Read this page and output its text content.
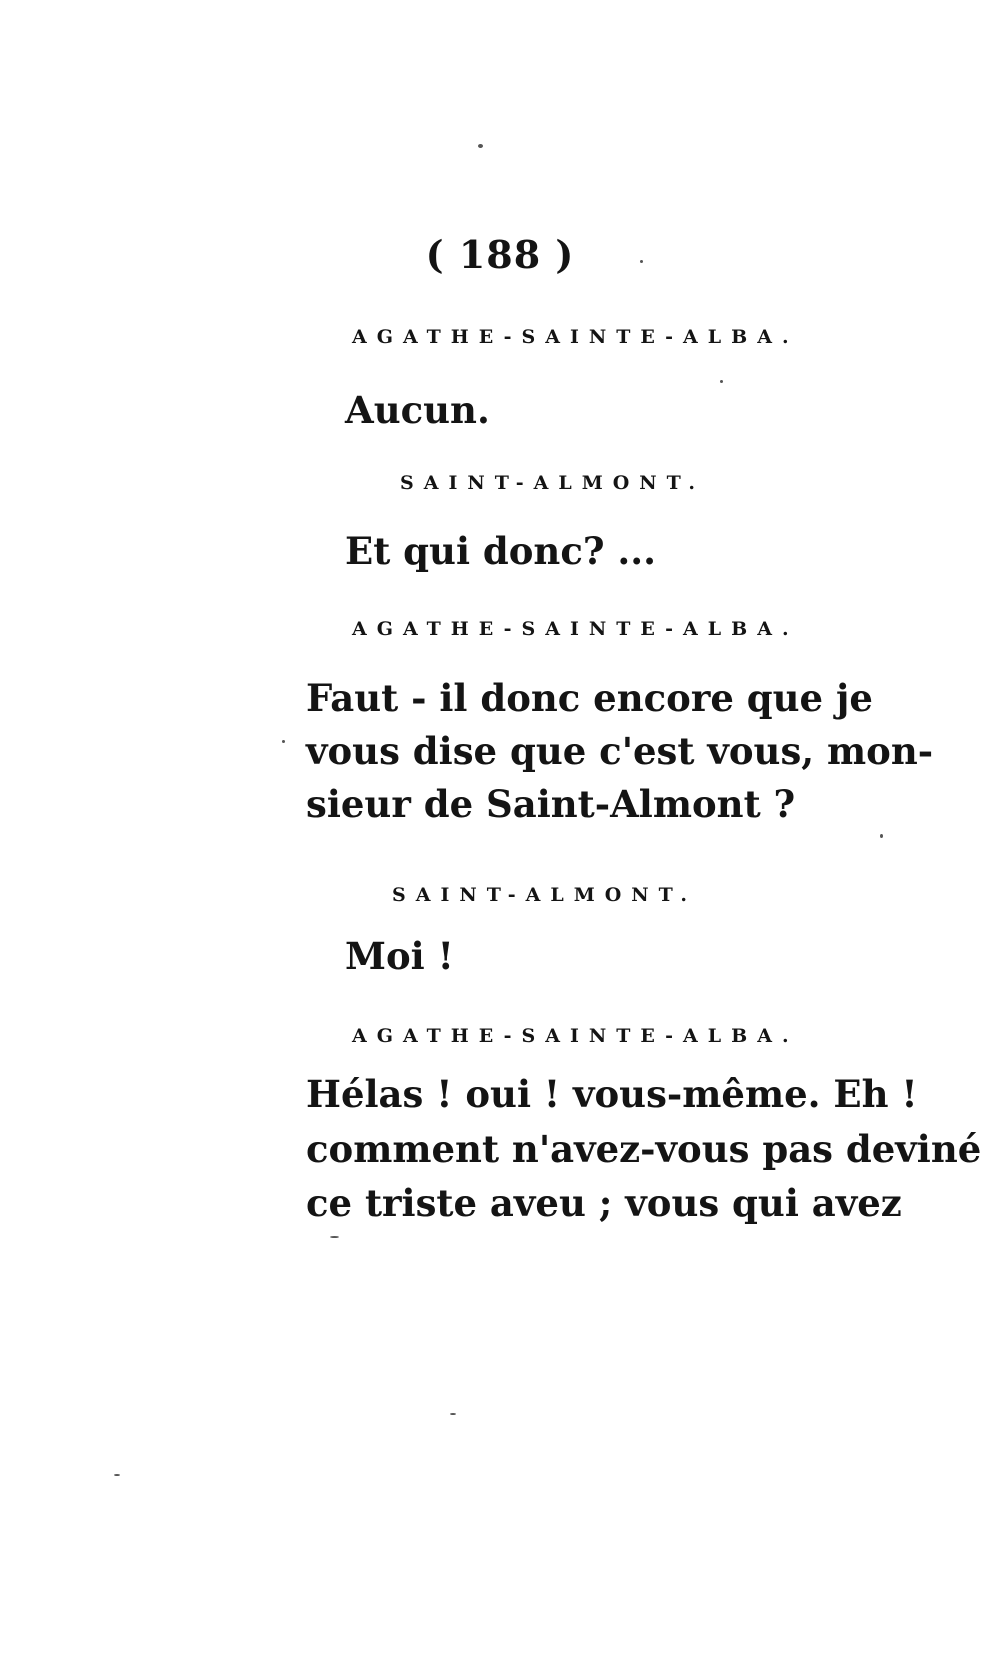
( 188 )
AGATHE-SAINTE-ALBA.
Aucun.
SAINT-ALMONT.
Et qui donc? ...
AGATHE-SAINTE-ALBA.
Faut - il donc encore que je
vous dise que c'est vous, mon-
sieur de Saint-Almont ?
SAINT-ALMONT.
Moi !
AGATHE-SAINTE-ALBA.
Hélas ! oui ! vous-même. Eh !
comment n'avez-vous pas deviné
ce triste aveu ; vous qui avez
